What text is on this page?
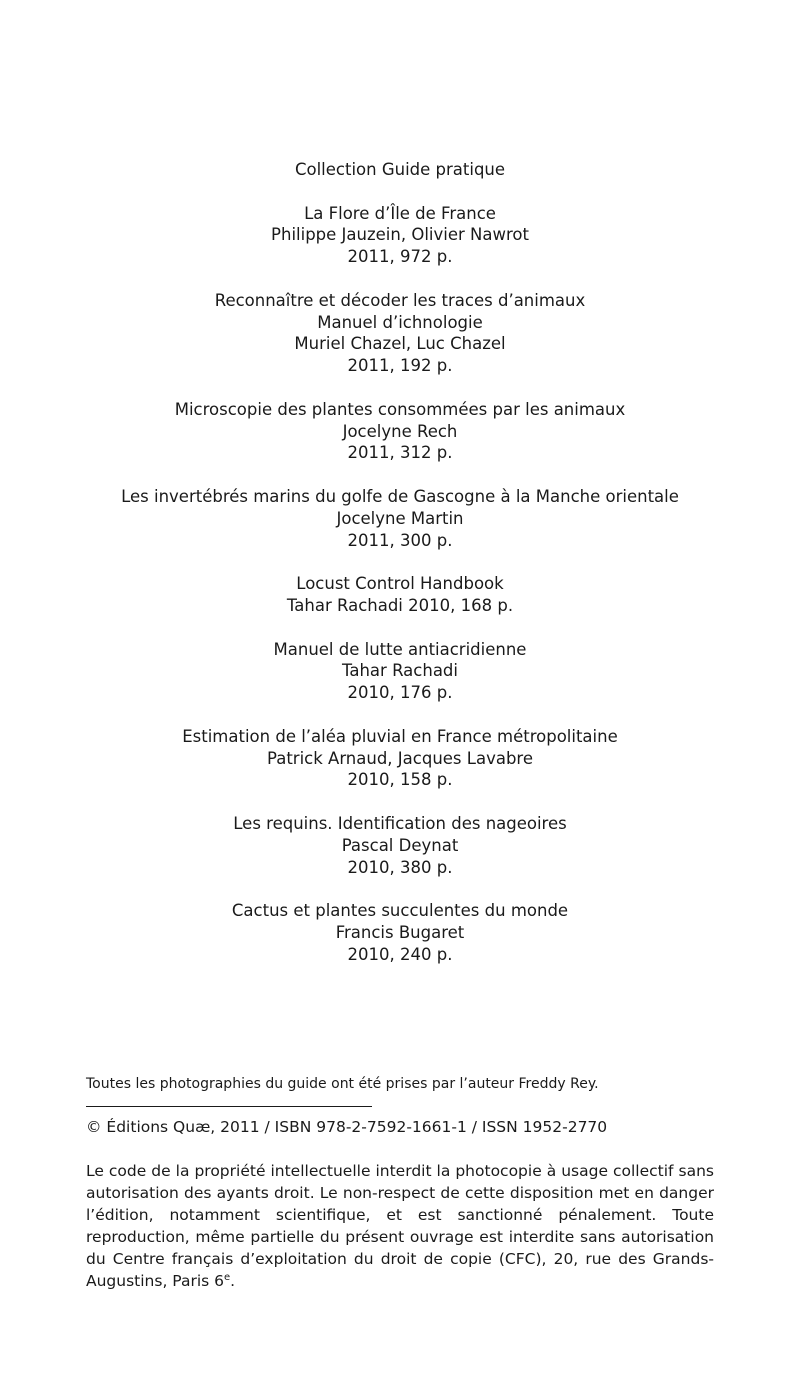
Collection Guide pratique
La Flore d’Île de France
Philippe Jauzein, Olivier Nawrot
2011, 972 p.
Reconnaître et décoder les traces d’animaux
Manuel d’ichnologie
Muriel Chazel, Luc Chazel
2011, 192 p.
Microscopie des plantes consommées par les animaux
Jocelyne Rech
2011, 312 p.
Les invertébrés marins du golfe de Gascogne à la Manche orientale
Jocelyne Martin
2011, 300 p.
Locust Control Handbook
Tahar Rachadi 2010, 168 p.
Manuel de lutte antiacridienne
Tahar Rachadi
2010, 176 p.
Estimation de l’aléa pluvial en France métropolitaine
Patrick Arnaud, Jacques Lavabre
2010, 158 p.
Les requins. Identification des nageoires
Pascal Deynat
2010, 380 p.
Cactus et plantes succulentes du monde
Francis Bugaret
2010, 240 p.
Toutes les photographies du guide ont été prises par l’auteur Freddy Rey.
© Éditions Quæ, 2011 / ISBN 978-2-7592-1661-1 / ISSN 1952-2770
Le code de la propriété intellectuelle interdit la photocopie à usage collectif sans autorisation des ayants droit. Le non-respect de cette disposition met en danger l’édition, notamment scientifique, et est sanctionné pénalement. Toute reproduction, même partielle du présent ouvrage est interdite sans autorisation du Centre français d’exploitation du droit de copie (CFC), 20, rue des Grands-Augustins, Paris 6e.
